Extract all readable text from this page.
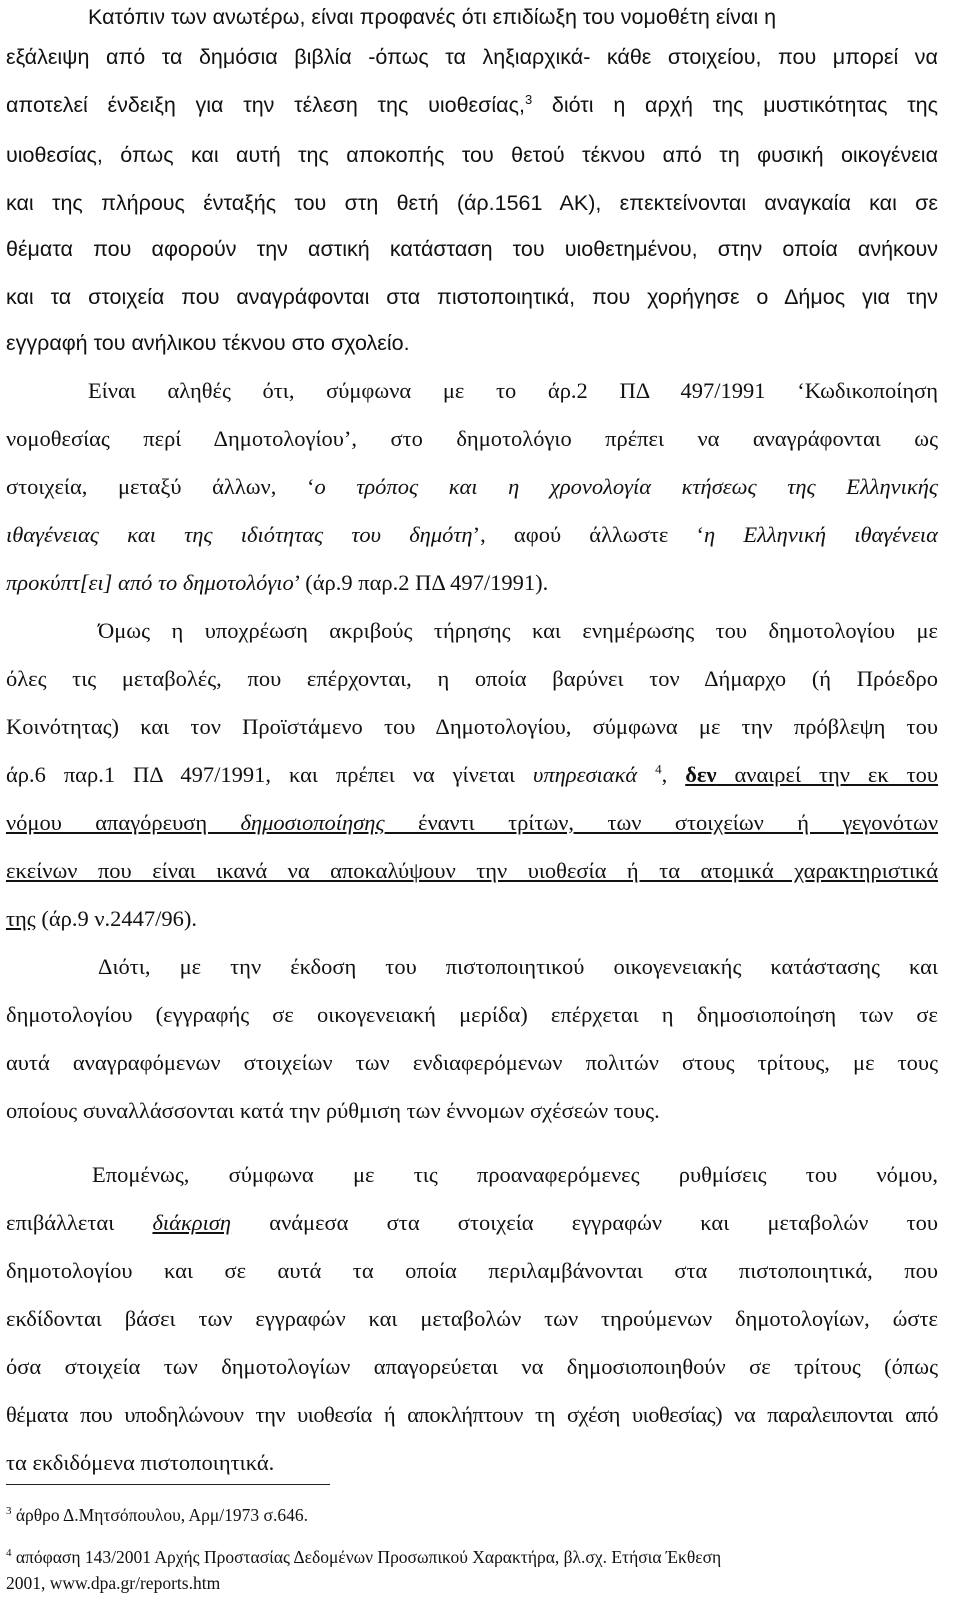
Κατόπιν των ανωτέρω, είναι προφανές ότι επιδίωξη του νομοθέτη είναι η
εξάλειψη από τα δημόσια βιβλία -όπως τα ληξιαρχικά- κάθε στοιχείου, που μπορεί να
αποτελεί ένδειξη για την τέλεση της υιοθεσίας,$^3$ διότι η αρχή της μυστικότητας της
υιοθεσίας, όπως και αυτή της αποκοπής του θετού τέκνου από τη φυσική οικογένεια
και της πλήρους ένταξής του στη θετή (άρ.1561 ΑΚ), επεκτείνονται αναγκαία και σε
θέματα που αφορούν την αστική κατάσταση του υιοθετημένου, στην οποία ανήκουν
και τα στοιχεία που αναγράφονται στα πιστοποιητικά, που χορήγησε ο Δήμος για την
εγγραφή του ανήλικου τέκνου στο σχολείο.
Είναι αληθές ότι, σύμφωνα με το άρ.2 ΠΔ 497/1991 ‘Κωδικοποίηση
νομοθεσίας περί Δημοτολογίου’, στο δημοτολόγιο πρέπει να αναγράφονται ως
στοιχεία, μεταξύ άλλων, ‘ο τρόπος και η χρονολογία κτήσεως της Ελληνικής
ιθαγένειας και της ιδιότητας του δημότη’, αφού άλλωστε ‘η Ελληνική ιθαγένεια
προκύπτ[ει] από το δημοτολόγιο’ (άρ.9 παρ.2 ΠΔ 497/1991).
Όμως η υποχρέωση ακριβούς τήρησης και ενημέρωσης του δημοτολογίου με
όλες τις μεταβολές, που επέρχονται, η οποία βαρύνει τον Δήμαρχο (ή Πρόεδρο
Κοινότητας) και τον Προϊστάμενο του Δημοτολογίου, σύμφωνα με την πρόβλεψη του
άρ.6 παρ.1 ΠΔ 497/1991, και πρέπει να γίνεται υπηρεσιακά $^4$, δεν αναιρεί την εκ του
νόμου απαγόρευση δημοσιοποίησης έναντι τρίτων, των στοιχείων ή γεγονότων
εκείνων που είναι ικανά να αποκαλύψουν την υιοθεσία ή τα ατομικά χαρακτηριστικά
της (άρ.9 ν.2447/96).
Διότι, με την έκδοση του πιστοποιητικού οικογενειακής κατάστασης και
δημοτολογίου (εγγραφής σε οικογενειακή μερίδα) επέρχεται η δημοσιοποίηση των σε
αυτά αναγραφόμενων στοιχείων των ενδιαφερόμενων πολιτών στους τρίτους, με τους
οποίους συναλλάσσονται κατά την ρύθμιση των έννομων σχέσεών τους.
Επομένως, σύμφωνα με τις προαναφερόμενες ρυθμίσεις του νόμου,
επιβάλλεται διάκριση ανάμεσα στα στοιχεία εγγραφών και μεταβολών του
δημοτολογίου και σε αυτά τα οποία περιλαμβάνονται στα πιστοποιητικά, που
εκδίδονται βάσει των εγγραφών και μεταβολών των τηρούμενων δημοτολογίων, ώστε
όσα στοιχεία των δημοτολογίων απαγορεύεται να δημοσιοποιηθούν σε τρίτους (όπως
θέματα που υποδηλώνουν την υιοθεσία ή αποκλήπτουν τη σχέση υιοθεσίας) να παραλειπονται από
τα εκδιδόμενα πιστοποιητικά.
$^3$ άρθρο Δ.Μητσόπουλου, Αρμ/1973 σ.646.
$^4$ απόφαση 143/2001 Αρχής Προστασίας Δεδομένων Προσωπικού Χαρακτήρα, βλ.σχ. Ετήσια Έκθεση
2001, www.dpa.gr/reports.htm
